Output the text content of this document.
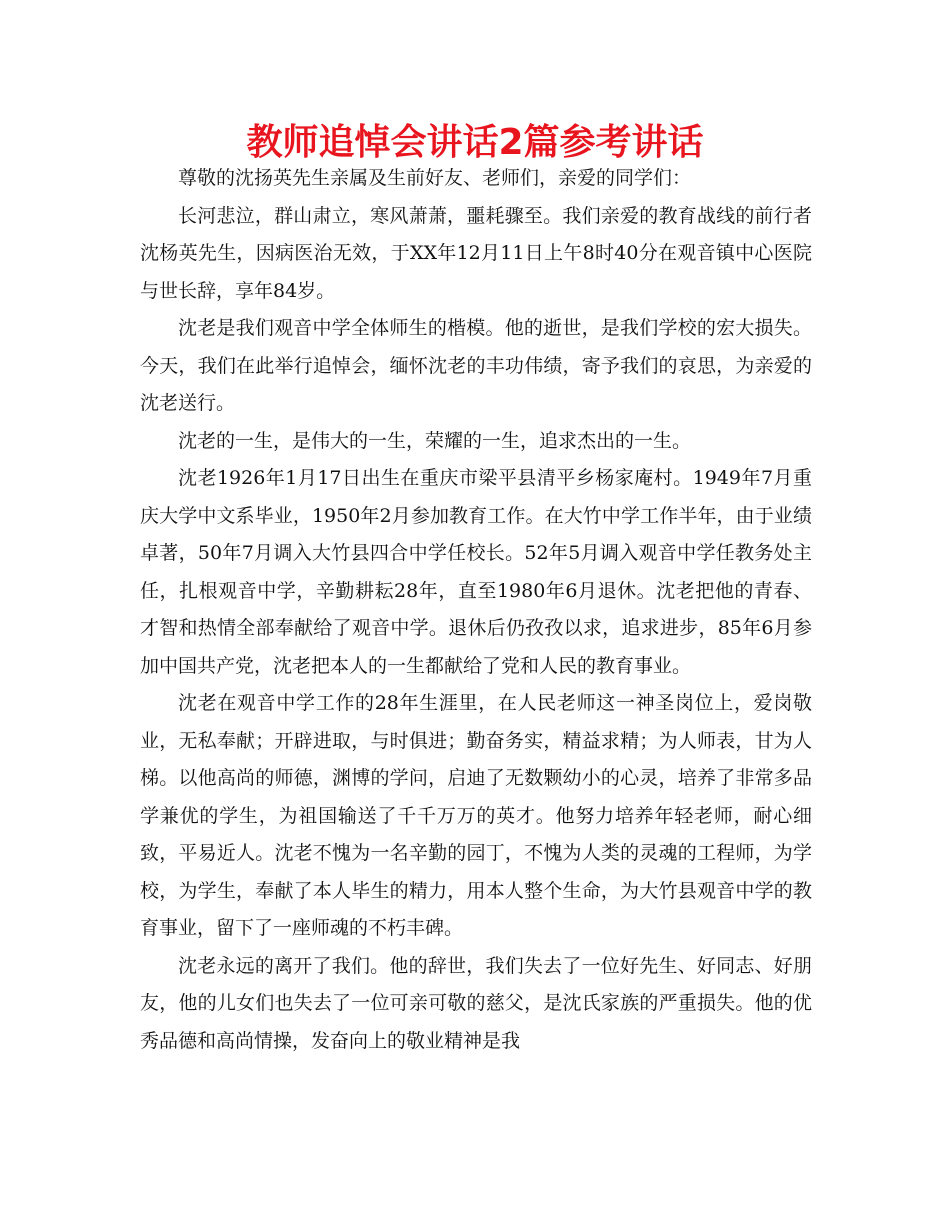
教师追悼会讲话2篇参考讲话

尊敬的沈扬英先生亲属及生前好友、老师们，亲爱的同学们：

长河悲泣，群山肃立，寒风萧萧，噩耗骤至。我们亲爱的教育战线的前行者沈杨英先生，因病医治无效，于XX年12月11日上午8时40分在观音镇中心医院与世长辞，享年84岁。

沈老是我们观音中学全体师生的楷模。他的逝世，是我们学校的宏大损失。今天，我们在此举行追悼会，缅怀沈老的丰功伟绩，寄予我们的哀思，为亲爱的沈老送行。

沈老的一生，是伟大的一生，荣耀的一生，追求杰出的一生。

沈老1926年1月17日出生在重庆市梁平县清平乡杨家庵村。1949年7月重庆大学中文系毕业，1950年2月参加教育工作。在大竹中学工作半年，由于业绩卓著，50年7月调入大竹县四合中学任校长。52年5月调入观音中学任教务处主任，扎根观音中学，辛勤耕耘28年，直至1980年6月退休。沈老把他的青春、才智和热情全部奉献给了观音中学。退休后仍孜孜以求，追求进步，85年6月参加中国共产党，沈老把本人的一生都献给了党和人民的教育事业。

沈老在观音中学工作的28年生涯里，在人民老师这一神圣岗位上，爱岗敬业，无私奉献；开辟进取，与时俱进；勤奋务实，精益求精；为人师表，甘为人梯。以他高尚的师德，渊博的学问，启迪了无数颗幼小的心灵，培养了非常多品学兼优的学生，为祖国输送了千千万万的英才。他努力培养年轻老师，耐心细致，平易近人。沈老不愧为一名辛勤的园丁，不愧为人类的灵魂的工程师，为学校，为学生，奉献了本人毕生的精力，用本人整个生命，为大竹县观音中学的教育事业，留下了一座师魂的不朽丰碑。

沈老永远的离开了我们。他的辞世，我们失去了一位好先生、好同志、好朋友，他的儿女们也失去了一位可亲可敬的慈父，是沈氏家族的严重损失。他的优秀品德和高尚情操，发奋向上的敬业精神是我
